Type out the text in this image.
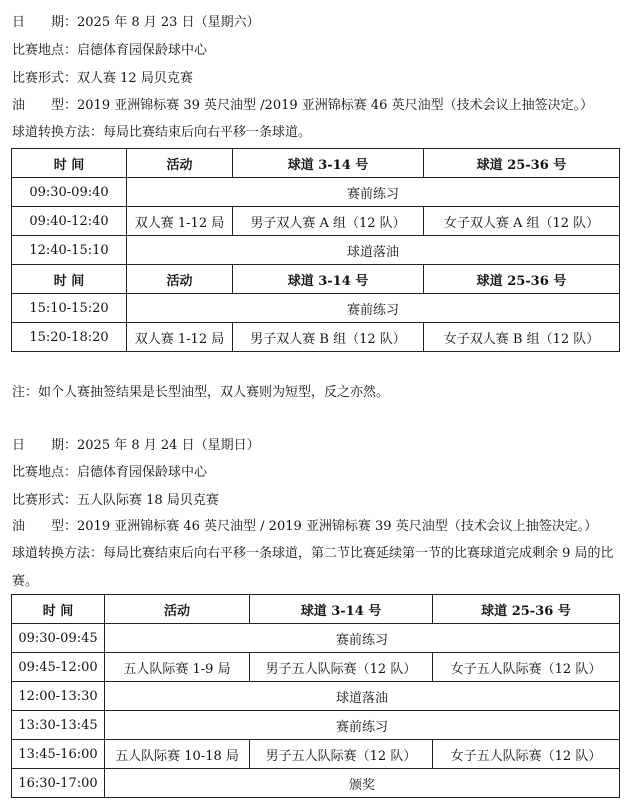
日　　期：2025 年 8 月 23 日（星期六）
比赛地点：启德体育园保龄球中心
比赛形式：双人赛 12 局贝克赛
油　　型：2019 亚洲锦标赛 39 英尺油型 /2019 亚洲锦标赛 46 英尺油型（技术会议上抽签决定。）
球道转换方法：每局比赛结束后向右平移一条球道。
时 间	活动	球道 3-14 号	球道 25-36 号
09:30-09:40	赛前练习		
09:40-12:40	双人赛 1-12 局	男子双人赛 A 组（12 队）	女子双人赛 A 组（12 队）
12:40-15:10	球道落油		
时 间	活动	球道 3-14 号	球道 25-36 号
15:10-15:20	赛前练习		
15:20-18:20	双人赛 1-12 局	男子双人赛 B 组（12 队）	女子双人赛 B 组（12 队）
注：如个人赛抽签结果是长型油型，双人赛则为短型，反之亦然。
日　　期：2025 年 8 月 24 日（星期日）
比赛地点：启德体育园保龄球中心
比赛形式：五人队际赛 18 局贝克赛
油　　型：2019 亚洲锦标赛 46 英尺油型 / 2019 亚洲锦标赛 39 英尺油型（技术会议上抽签决定。）
球道转换方法：每局比赛结束后向右平移一条球道，第二节比赛延续第一节的比赛球道完成剩余 9 局的比赛。
时 间	活动	球道 3-14 号	球道 25-36 号
09:30-09:45	赛前练习		
09:45-12:00	五人队际赛 1-9 局	男子五人队际赛（12 队）	女子五人队际赛（12 队）
12:00-13:30	球道落油		
13:30-13:45	赛前练习		
13:45-16:00	五人队际赛 10-18 局	男子五人队际赛（12 队）	女子五人队际赛（12 队）
16:30-17:00	颁奖		
